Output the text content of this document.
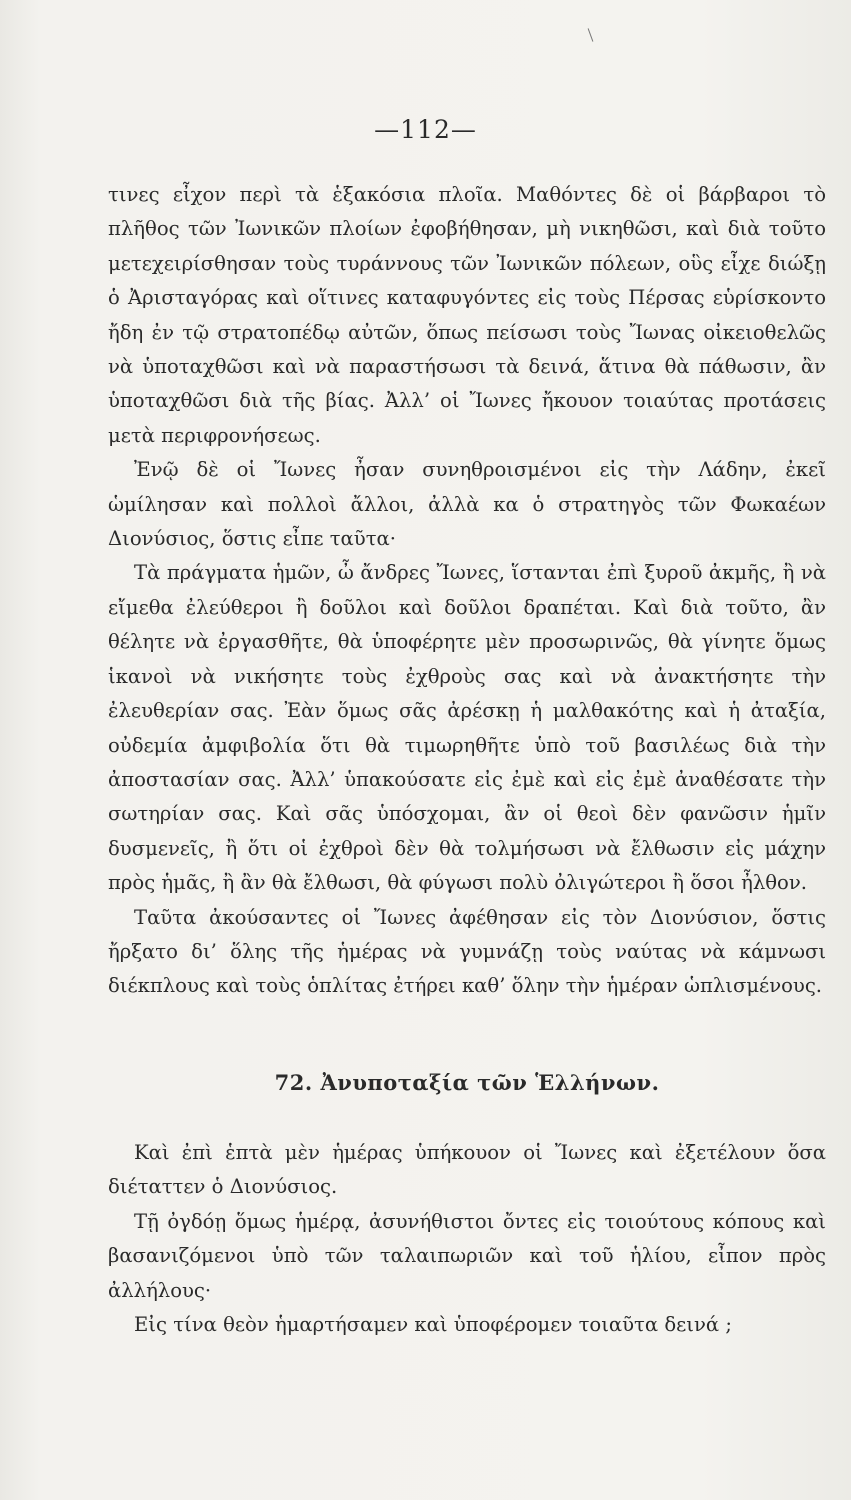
—112—

τινες εἶχον περὶ τὰ ἑξακόσια πλοῖα. Μαθόντες δὲ οἱ βάρβαροι τὸ πλῆθος τῶν Ἰωνικῶν πλοίων ἐφοβήθησαν, μὴ νικηθῶσι, καὶ διὰ τοῦτο μετεχειρίσθησαν τοὺς τυράννους τῶν Ἰωνικῶν πόλεων, οὓς εἶχε διώξῃ ὁ Ἀρισταγόρας καὶ οἵτινες καταφυγόντες εἰς τοὺς Πέρσας εὑρίσκοντο ἤδη ἐν τῷ στρατοπέδῳ αὐτῶν, ὅπως πείσωσι τοὺς Ἴωνας οἰκειοθελῶς νὰ ὑποταχθῶσι καὶ νὰ παραστήσωσι τὰ δεινά, ἅτινα θὰ πάθωσιν, ἂν ὑποταχθῶσι διὰ τῆς βίας. Ἀλλ’ οἱ Ἴωνες ἤκουον τοιαύτας προτάσεις μετὰ περιφρονήσεως.

Ἐνῷ δὲ οἱ Ἴωνες ἦσαν συνηθροισμένοι εἰς τὴν Λάδην, ἐκεῖ ὡμίλησαν καὶ πολλοὶ ἄλλοι, ἀλλὰ κα ὁ στρατηγὸς τῶν Φωκαέων Διονύσιος, ὅστις εἶπε ταῦτα·

Τὰ πράγματα ἡμῶν, ὦ ἄνδρες Ἴωνες, ἵστανται ἐπὶ ξυροῦ ἀκμῆς, ἢ νὰ εἴμεθα ἐλεύθεροι ἢ δοῦλοι καὶ δοῦλοι δραπέται. Καὶ διὰ τοῦτο, ἂν θέλητε νὰ ἐργασθῆτε, θὰ ὑποφέρητε μὲν προσωρινῶς, θὰ γίνητε ὅμως ἱκανοὶ νὰ νικήσητε τοὺς ἐχθροὺς σας καὶ νὰ ἀνακτήσητε τὴν ἐλευθερίαν σας. Ἐὰν ὅμως σᾶς ἀρέσκῃ ἡ μαλθακότης καὶ ἡ ἀταξία, οὐδεμία ἀμφιβολία ὅτι θὰ τιμωρηθῆτε ὑπὸ τοῦ βασιλέως διὰ τὴν ἀποστασίαν σας. Ἀλλ’ ὑπακούσατε εἰς ἐμὲ καὶ εἰς ἐμὲ ἀναθέσατε τὴν σωτηρίαν σας. Καὶ σᾶς ὑπόσχομαι, ἂν οἱ θεοὶ δὲν φανῶσιν ἡμῖν δυσμενεῖς, ἢ ὅτι οἱ ἐχθροὶ δὲν θὰ τολμήσωσι νὰ ἔλθωσιν εἰς μάχην πρὸς ἡμᾶς, ἢ ἂν θὰ ἔλθωσι, θὰ φύγωσι πολὺ ὀλιγώτεροι ἢ ὅσοι ἦλθον.

Ταῦτα ἀκούσαντες οἱ Ἴωνες ἀφέθησαν εἰς τὸν Διονύσιον, ὅστις ἤρξατο δι’ ὅλης τῆς ἡμέρας νὰ γυμνάζῃ τοὺς ναύτας νὰ κάμνωσι διέκπλους καὶ τοὺς ὁπλίτας ἐτήρει καθ’ ὅλην τὴν ἡμέραν ὡπλισμένους.

72. Ἀνυποταξία τῶν Ἑλλήνων.

Καὶ ἐπὶ ἑπτὰ μὲν ἡμέρας ὑπήκουον οἱ Ἴωνες καὶ ἐξετέλουν ὅσα διέταττεν ὁ Διονύσιος.

Τῇ ὀγδόῃ ὅμως ἡμέρᾳ, ἀσυνήθιστοι ὄντες εἰς τοιούτους κόπους καὶ βασανιζόμενοι ὑπὸ τῶν ταλαιπωριῶν καὶ τοῦ ἡλίου, εἶπον πρὸς ἀλλήλους·

Εἰς τίνα θεὸν ἡμαρτήσαμεν καὶ ὑποφέρομεν τοιαῦτα δεινά ;
